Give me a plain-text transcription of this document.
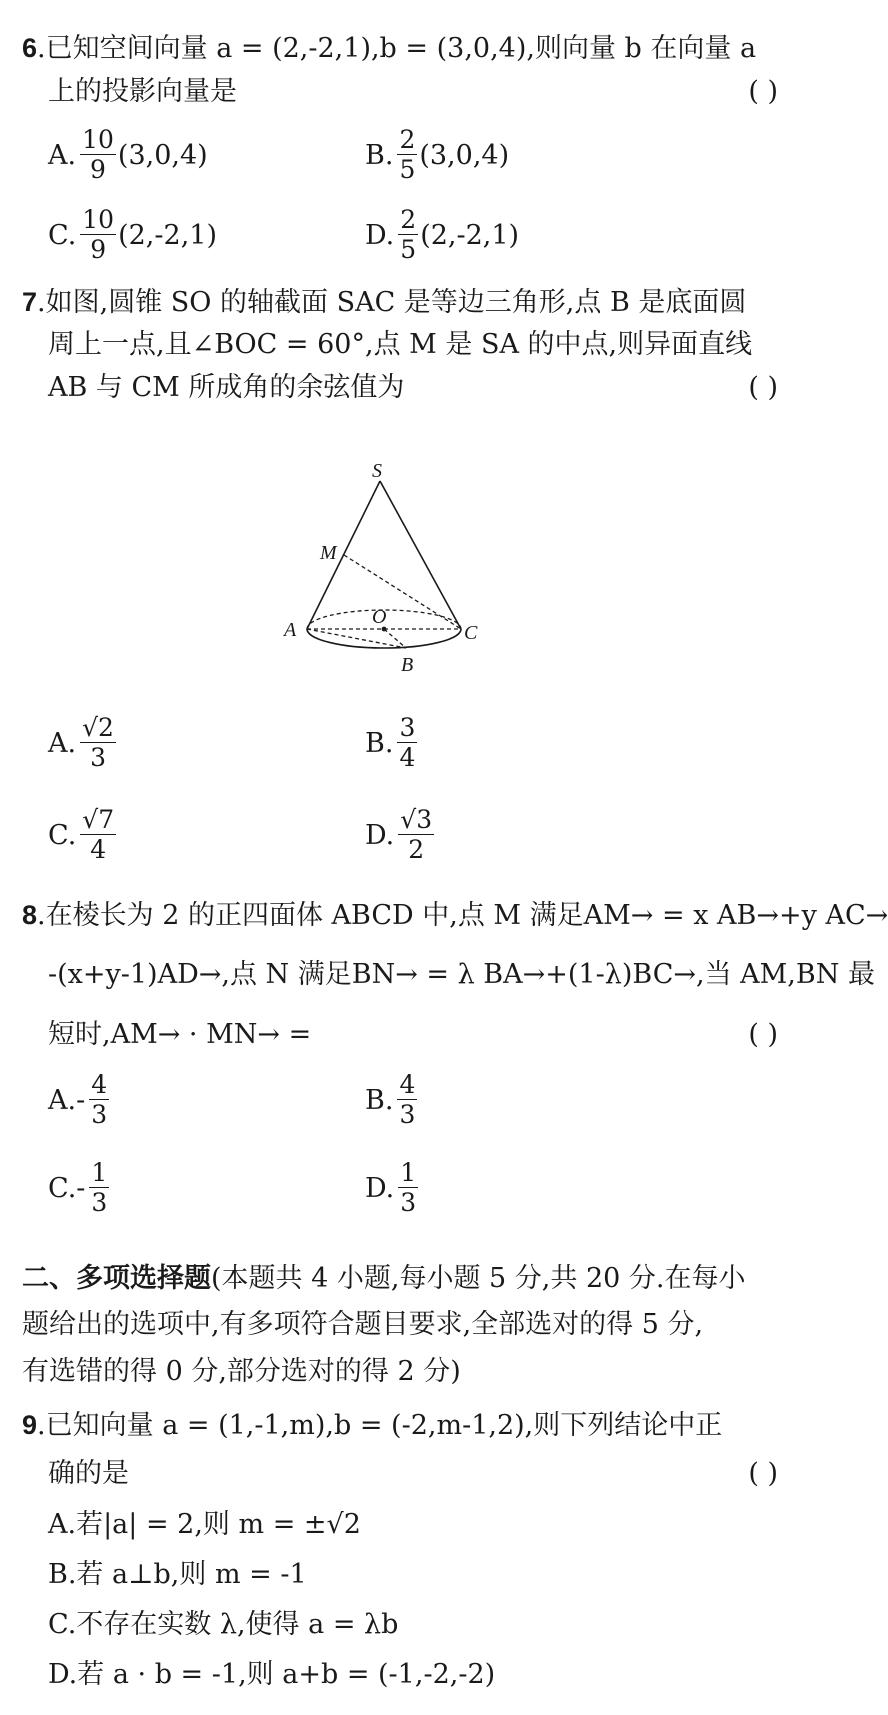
6.已知空间向量 a = (2,-2,1),b = (3,0,4),则向量 b 在向量 a
上的投影向量是	( )
A. $\frac{10}{9} (3,0,4)$	B. $\frac{2}{5} (3,0,4)$
C. $\frac{10}{9} (2,-2,1)$	D. $\frac{2}{5} (2,-2,1)$
7.如图,圆锥 SO 的轴截面 SAC 是等边三角形,点 B 是底面圆
周上一点,且∠BOC = 60°,点 M 是 SA 的中点,则异面直线
AB 与 CM 所成角的余弦值为	( )
S
M
A
O
C
B
A. $\frac{√2}{3}$	B. $\frac{3}{4}$
C. $\frac{√7}{4}$	D. $\frac{√3}{2}$
8.在棱长为 2 的正四面体 ABCD 中,点 M 满足AM→ = x AB→+y AC→
-(x+y-1)AD→,点 N 满足BN→ = λ BA→+(1-λ)BC→,当 AM,BN 最
短时,AM→ · MN→ =	( )
$A.- \frac{4}{3}$	B. $\frac{4}{3}$
$C.- \frac{1}{3}$	D. $\frac{1}{3}$
二、多项选择题(本题共 4 小题,每小题 5 分,共 20 分.在每小
题给出的选项中,有多项符合题目要求,全部选对的得 5 分,
有选错的得 0 分,部分选对的得 2 分)
9.已知向量 a = (1,-1,m),b = (-2,m-1,2),则下列结论中正
确的是	( )
A.若|a| = 2,则 m = ±√2
B.若 a⊥b,则 m = -1
C.不存在实数 λ,使得 a = λb
D.若 a · b = -1,则 a+b = (-1,-2,-2)
